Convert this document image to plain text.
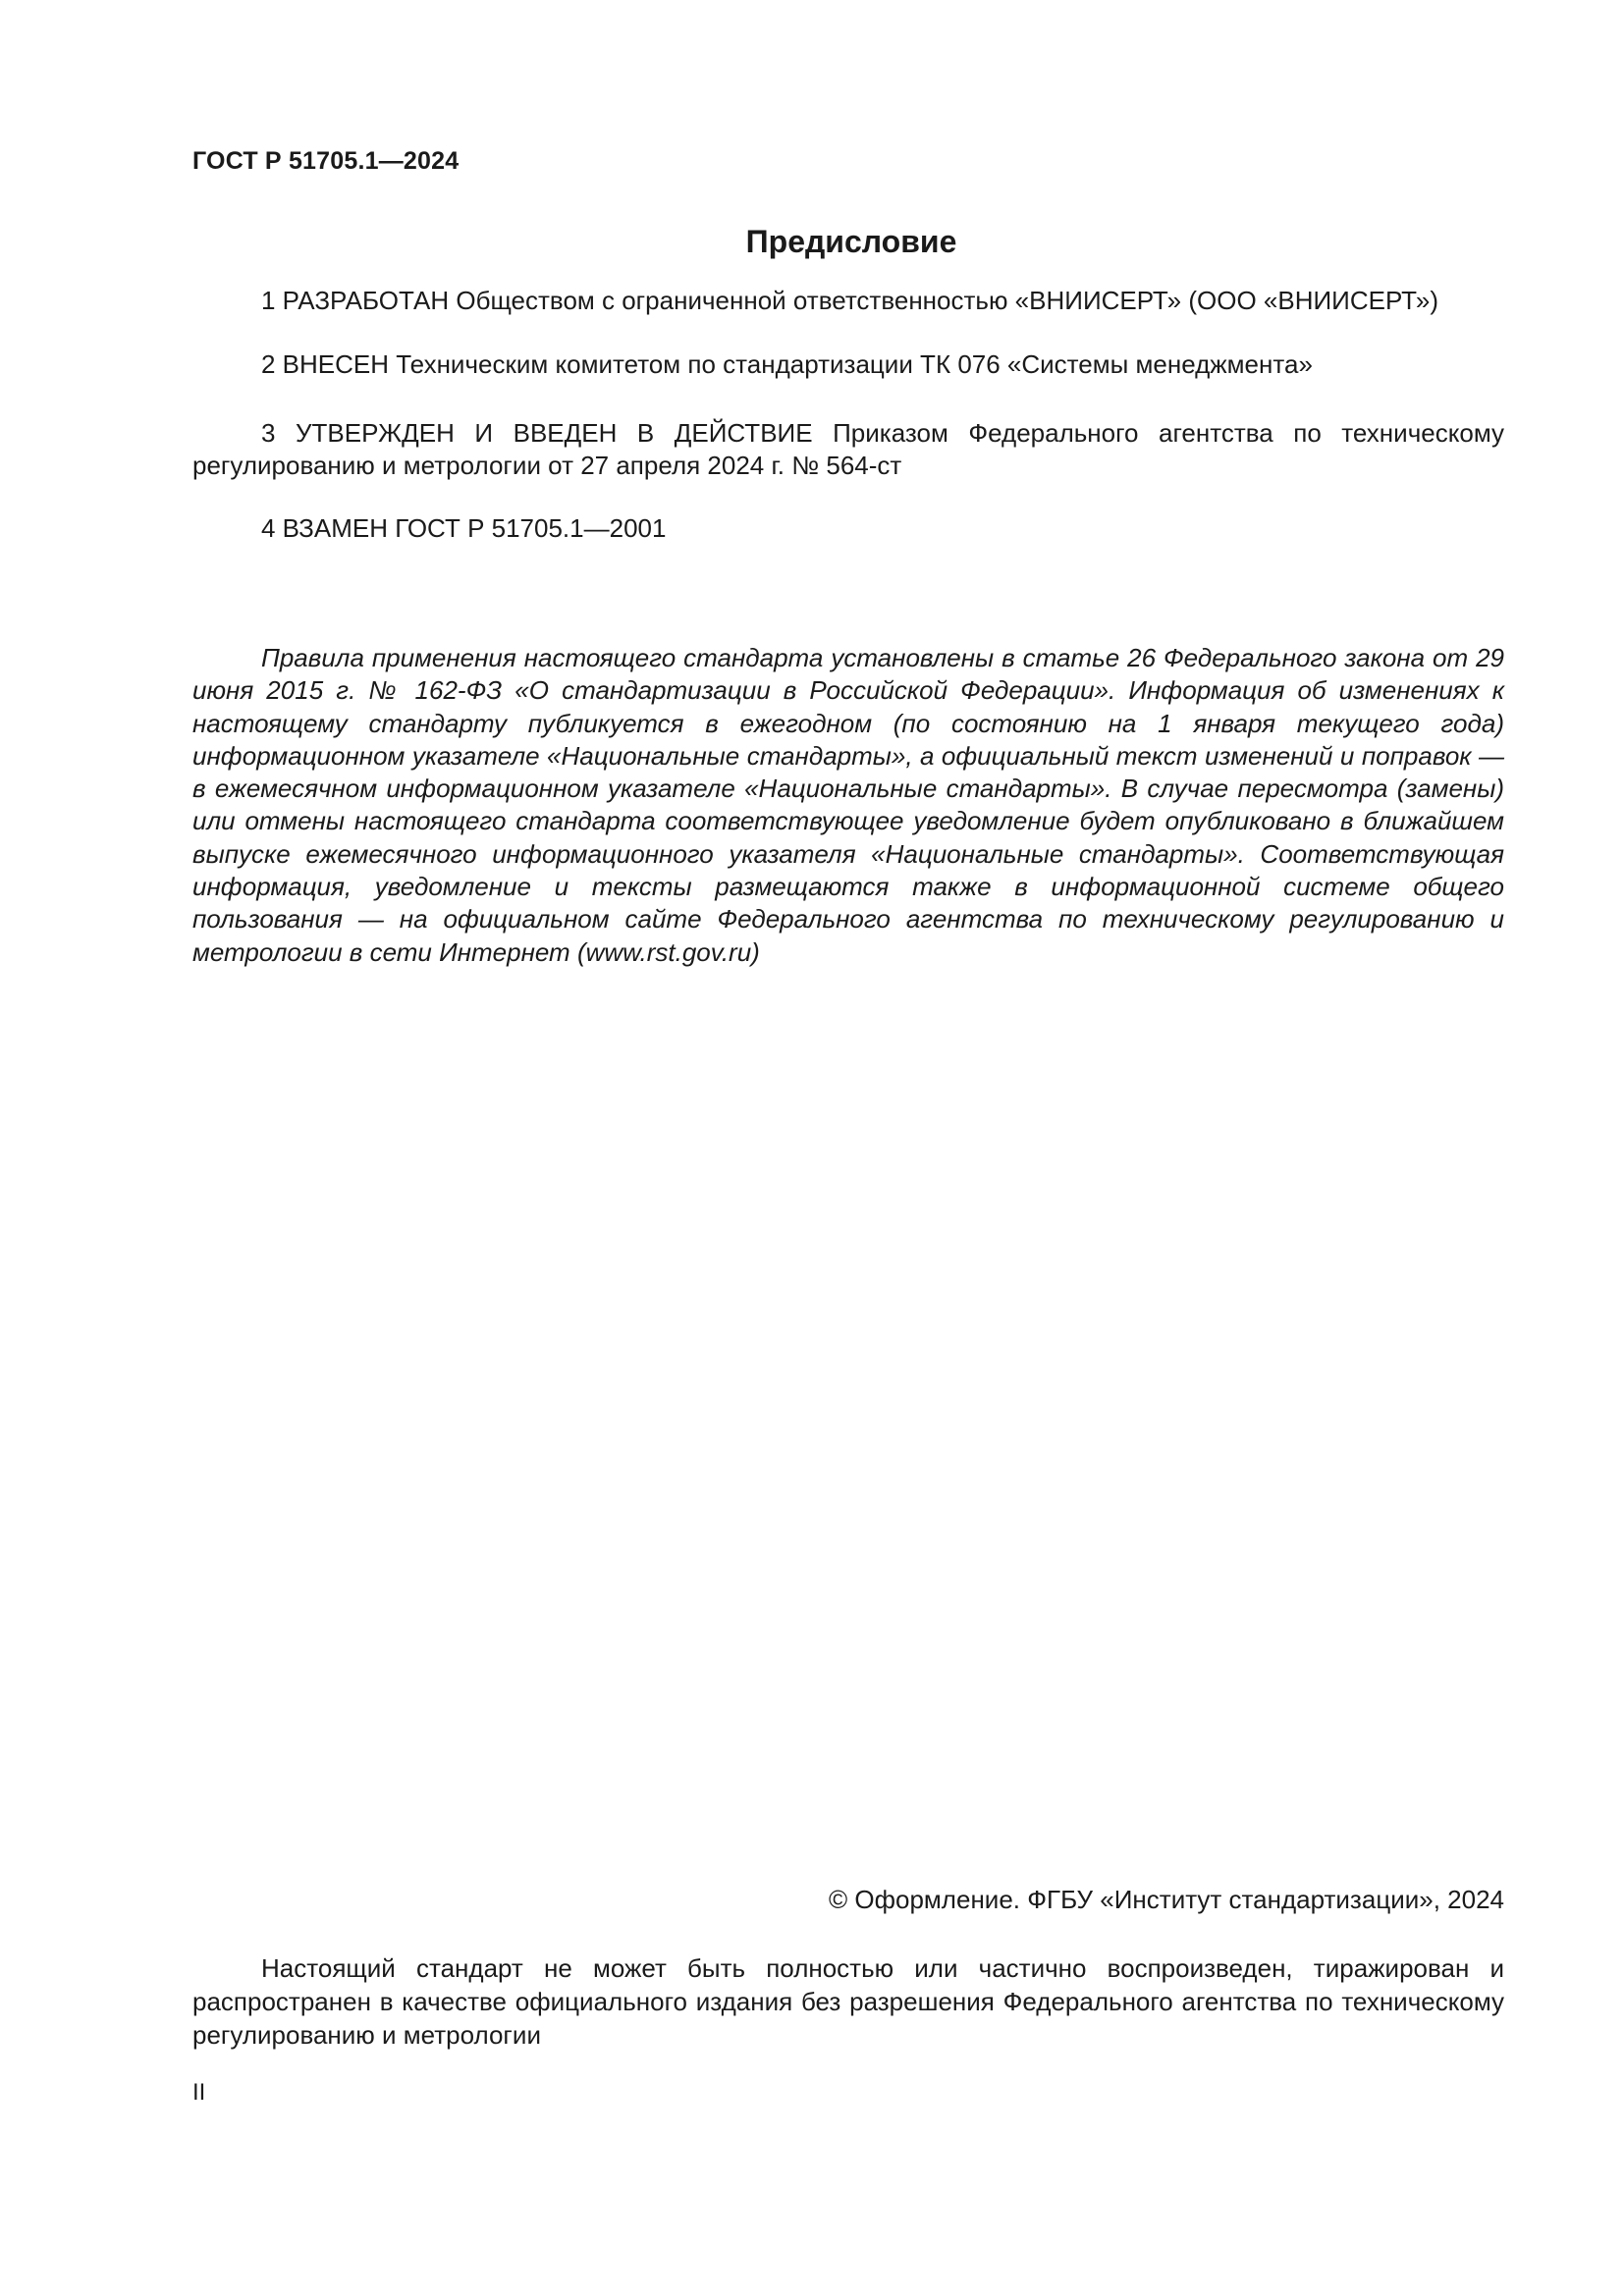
ГОСТ Р 51705.1—2024
Предисловие
1 РАЗРАБОТАН Обществом с ограниченной ответственностью «ВНИИСЕРТ» (ООО «ВНИИСЕРТ»)
2 ВНЕСЕН Техническим комитетом по стандартизации ТК 076 «Системы менеджмента»
3 УТВЕРЖДЕН И ВВЕДЕН В ДЕЙСТВИЕ Приказом Федерального агентства по техническому регулированию и метрологии от 27 апреля 2024 г. № 564-ст
4 ВЗАМЕН ГОСТ Р 51705.1—2001
Правила применения настоящего стандарта установлены в статье 26 Федерального закона от 29 июня 2015 г. № 162-ФЗ «О стандартизации в Российской Федерации». Информация об изменениях к настоящему стандарту публикуется в ежегодном (по состоянию на 1 января текущего года) информационном указателе «Национальные стандарты», а официальный текст изменений и поправок — в ежемесячном информационном указателе «Национальные стандарты». В случае пересмотра (замены) или отмены настоящего стандарта соответствующее уведомление будет опубликовано в ближайшем выпуске ежемесячного информационного указателя «Национальные стандарты». Соответствующая информация, уведомление и тексты размещаются также в информационной системе общего пользования — на официальном сайте Федерального агентства по техническому регулированию и метрологии в сети Интернет (www.rst.gov.ru)
© Оформление. ФГБУ «Институт стандартизации», 2024
Настоящий стандарт не может быть полностью или частично воспроизведен, тиражирован и распространен в качестве официального издания без разрешения Федерального агентства по техническому регулированию и метрологии
II
